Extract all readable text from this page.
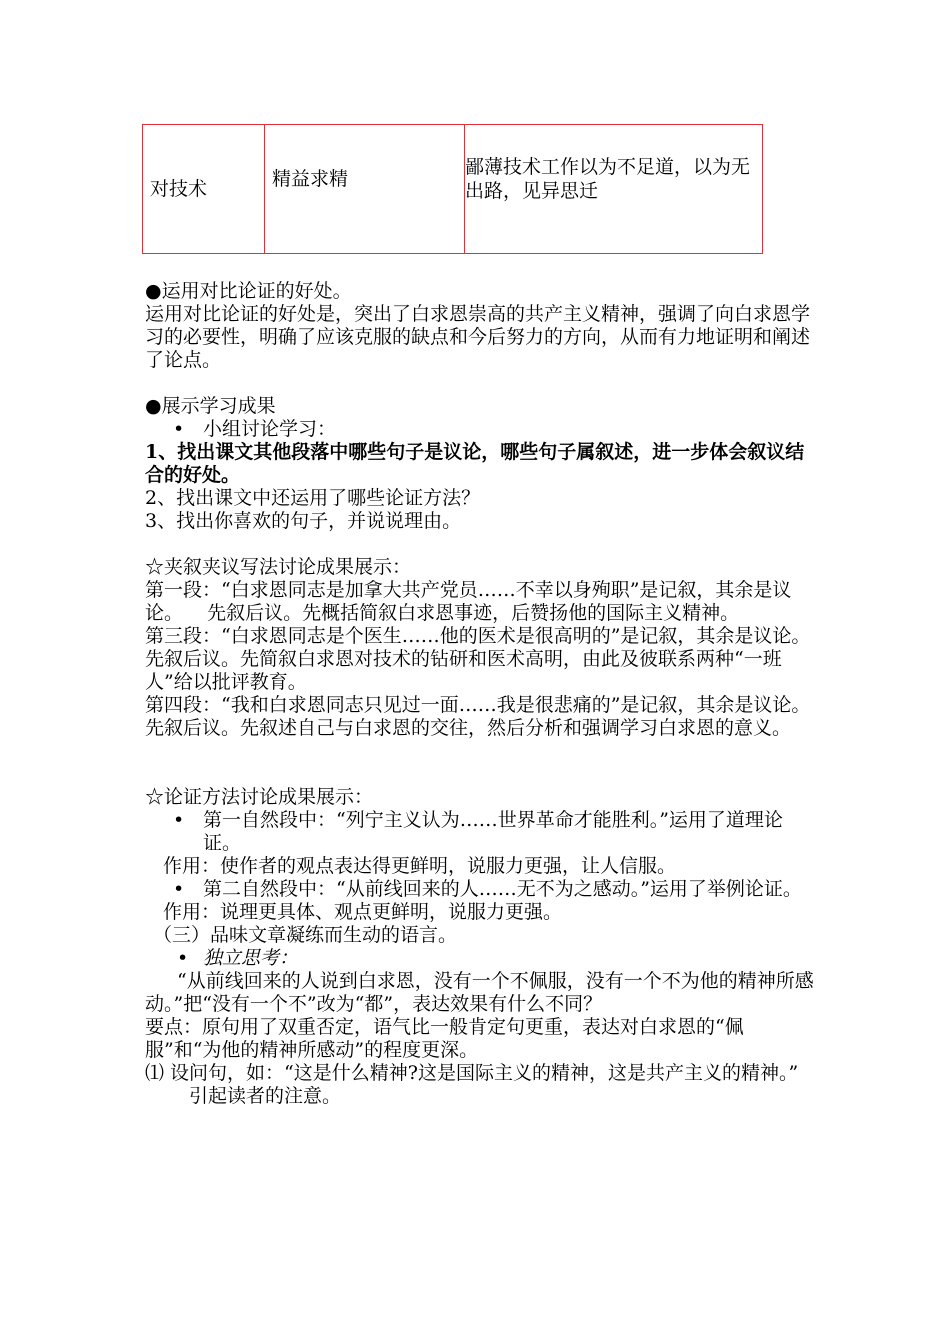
对技术	精益求精
鄙薄技术工作以为不足道，以为无出路，见异思迁

●运用对比论证的好处。

运用对比论证的好处是，突出了白求恩崇高的共产主义精神，强调了向白求恩学习的必要性，明确了应该克服的缺点和今后努力的方向，从而有力地证明和阐述了论点。

●展示学习成果

• 小组讨论学习：

1、找出课文其他段落中哪些句子是议论，哪些句子属叙述，进一步体会叙议结合的好处。

2、找出课文中还运用了哪些论证方法？

3、找出你喜欢的句子，并说说理由。

☆夹叙夹议写法讨论成果展示：

第一段：“白求恩同志是加拿大共产党员……不幸以身殉职”是记叙，其余是议论。    先叙后议。先概括简叙白求恩事迹，后赞扬他的国际主义精神。

第三段：“白求恩同志是个医生……他的医术是很高明的”是记叙，其余是议论。     先叙后议。先简叙白求恩对技术的钻研和医术高明，由此及彼联系两种“一班人”给以批评教育。

第四段：“我和白求恩同志只见过一面……我是很悲痛的”是记叙，其余是议论。         先叙后议。先叙述自己与白求恩的交往，然后分析和强调学习白求恩的意义。

☆论证方法讨论成果展示：

• 第一自然段中：“列宁主义认为……世界革命才能胜利。”运用了道理论证。

作用：使作者的观点表达得更鲜明，说服力更强，让人信服。

• 第二自然段中：“从前线回来的人……无不为之感动。”运用了举例论证。

作用：说理更具体、观点更鲜明，说服力更强。

（三）品味文章凝练而生动的语言。

• 独立思考：

“从前线回来的人说到白求恩，没有一个不佩服，没有一个不为他的精神所感动。”把“没有一个不”改为“都”，表达效果有什么不同？

要点：原句用了双重否定，语气比一般肯定句更重，表达对白求恩的“佩服”和“为他的精神所感动”的程度更深。

⑴ 设问句，如：“这是什么精神?这是国际主义的精神，这是共产主义的精神。”

引起读者的注意。
